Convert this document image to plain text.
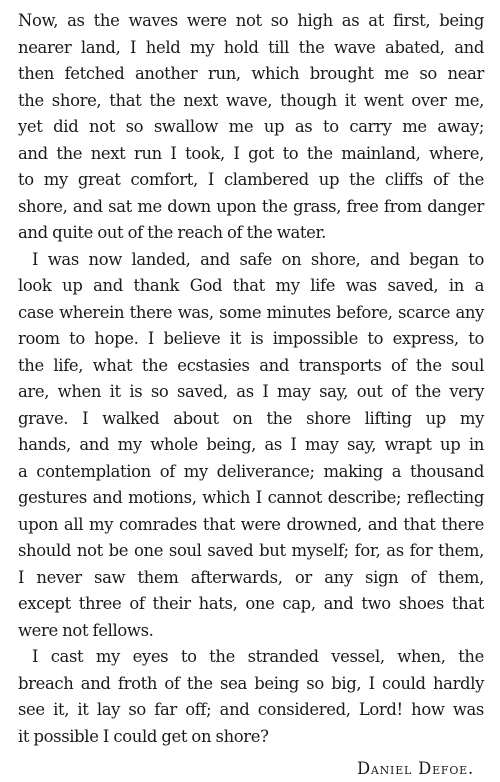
Now, as the waves were not so high as at first, being
nearer land, I held my hold till the wave abated, and
then fetched another run, which brought me so near
the shore, that the next wave, though it went over me,
yet did not so swallow me up as to carry me away;
and the next run I took, I got to the mainland, where,
to my great comfort, I clambered up the cliffs of the
shore, and sat me down upon the grass, free from danger
and quite out of the reach of the water.
I was now landed, and safe on shore, and began to
look up and thank God that my life was saved, in a
case wherein there was, some minutes before, scarce any
room to hope. I believe it is impossible to express, to
the life, what the ecstasies and transports of the soul
are, when it is so saved, as I may say, out of the very
grave. I walked about on the shore lifting up my
hands, and my whole being, as I may say, wrapt up in
a contemplation of my deliverance; making a thousand
gestures and motions, which I cannot describe; reflecting
upon all my comrades that were drowned, and that there
should not be one soul saved but myself; for, as for them,
I never saw them afterwards, or any sign of them,
except three of their hats, one cap, and two shoes that
were not fellows.
I cast my eyes to the stranded vessel, when, the
breach and froth of the sea being so big, I could hardly
see it, it lay so far off; and considered, Lord! how was
it possible I could get on shore?
Daniel Defoe.
